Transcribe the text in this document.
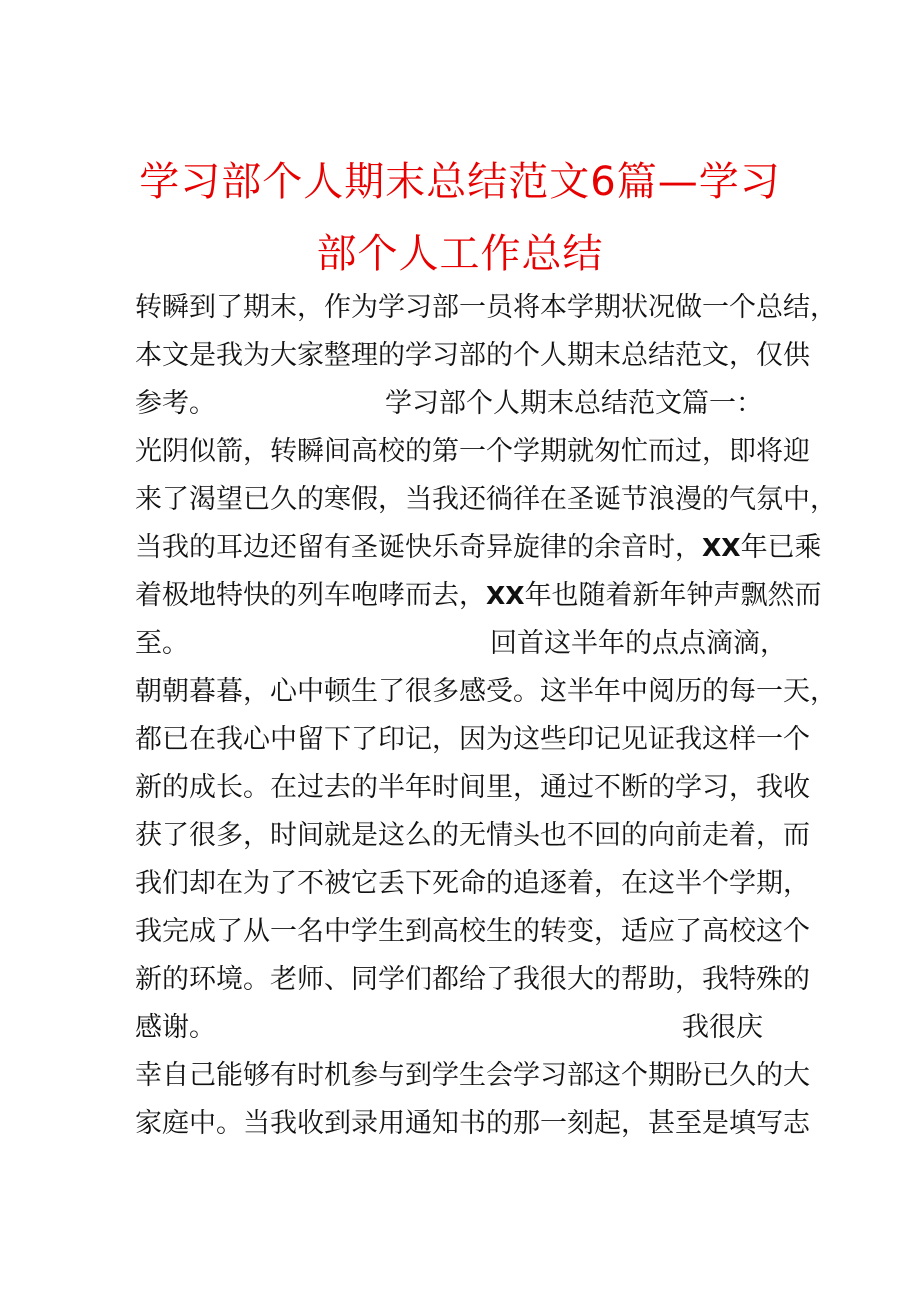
学习部个人期末总结范文6篇—学习
部个人工作总结

转瞬到了期末，作为学习部一员将本学期状况做一个总结，

本文是我为大家整理的学习部的个人期末总结范文，仅供

参考。	学习部个人期末总结范文篇一：

光阴似箭，转瞬间高校的第一个学期就匆忙而过，即将迎

来了渴望已久的寒假，当我还徜徉在圣诞节浪漫的气氛中，

当我的耳边还留有圣诞快乐奇异旋律的余音时，XX年已乘

着极地特快的列车咆哮而去，XX年也随着新年钟声飘然而

至。	回首这半年的点点滴滴，

朝朝暮暮，心中顿生了很多感受。这半年中阅历的每一天，

都已在我心中留下了印记，因为这些印记见证我这样一个

新的成长。在过去的半年时间里，通过不断的学习，我收

获了很多，时间就是这么的无情头也不回的向前走着，而

我们却在为了不被它丢下死命的追逐着，在这半个学期，

我完成了从一名中学生到高校生的转变，适应了高校这个

新的环境。老师、同学们都给了我很大的帮助，我特殊的

感谢。	我很庆

幸自己能够有时机参与到学生会学习部这个期盼已久的大

家庭中。当我收到录用通知书的那一刻起，甚至是填写志
